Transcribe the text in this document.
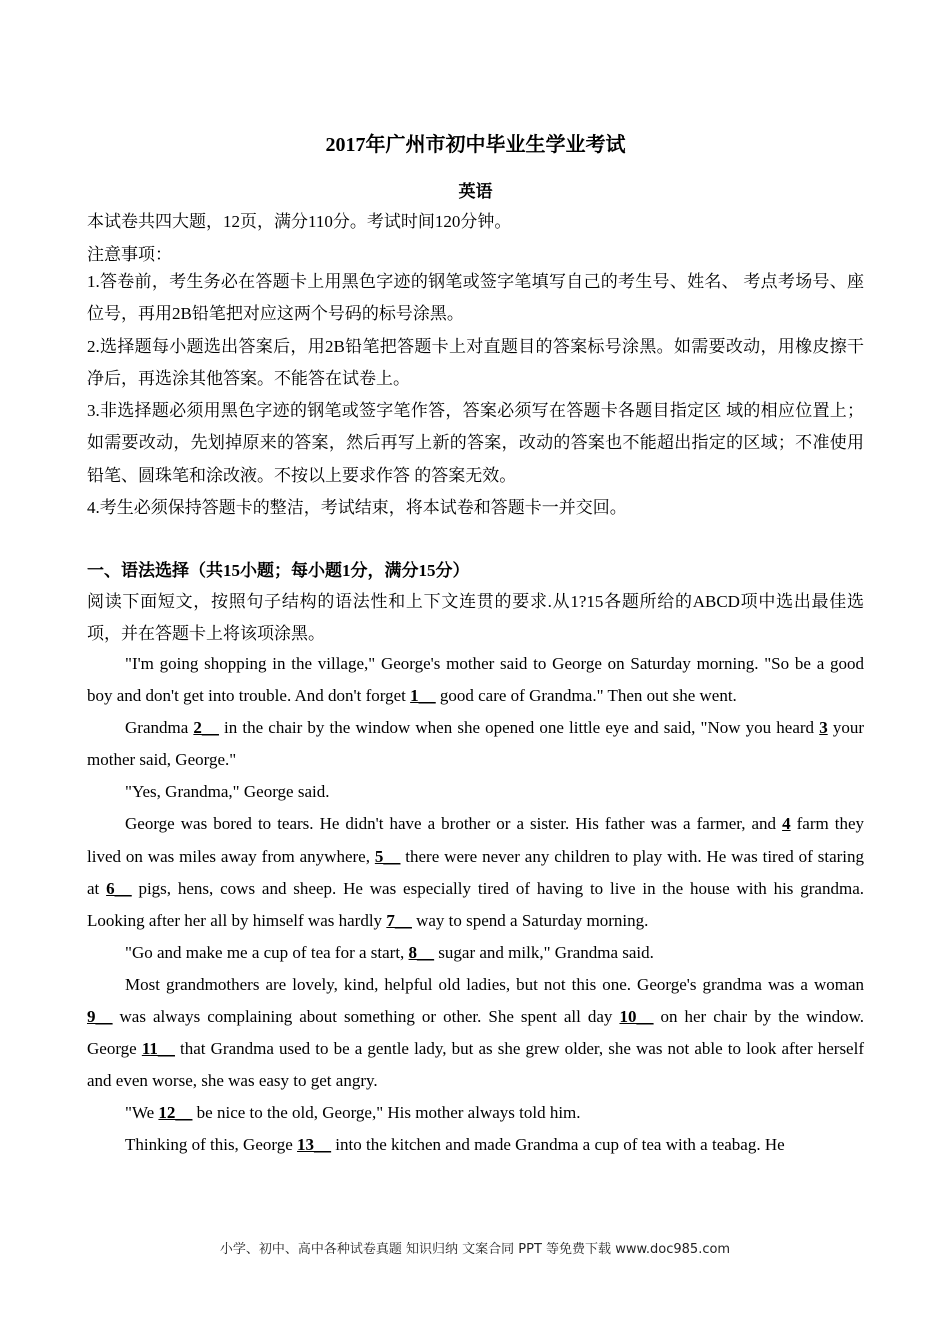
2017年广州市初中毕业生学业考试
英语
本试卷共四大题，12页，满分110分。考试时间120分钟。
注意事项：

1.答卷前，考生务必在答题卡上用黑色字迹的钢笔或签字笔填写自己的考生号、姓名、 考点考场号、座位号，再用2B铅笔把对应这两个号码的标号涂黑。

2.选择题每小题选出答案后，用2B铅笔把答题卡上对直题目的答案标号涂黑。如需要改动，用橡皮擦干净后，再选涂其他答案。不能答在试卷上。

3.非选择题必须用黑色字迹的钢笔或签字笔作答，答案必须写在答题卡各题目指定区 域的相应位置上；如需要改动，先划掉原来的答案，然后再写上新的答案，改动的答案也不能超出指定的区域；不准使用铅笔、圆珠笔和涂改液。不按以上要求作答 的答案无效。

4.考生必须保持答题卡的整洁，考试结束，将本试卷和答题卡一并交回。

一、语法选择（共15小题；每小题1分，满分15分）

阅读下面短文，按照句子结构的语法性和上下文连贯的要求.从1?15各题所给的ABCD项中选出最佳选项，并在答题卡上将该项涂黑。

"I'm going shopping in the village," George's mother said to George on Saturday morning. "So be a good boy and don't get into trouble. And don't forget 1__ good care of Grandma." Then out she went.

Grandma 2__ in the chair by the window when she opened one little eye and said, "Now you heard 3 your mother said, George."

"Yes, Grandma," George said.

George was bored to tears. He didn't have a brother or a sister. His father was a farmer, and 4 farm they lived on was miles away from anywhere, 5__ there were never any children to play with. He was tired of staring at 6__ pigs, hens, cows and sheep. He was especially tired of having to live in the house with his grandma. Looking after her all by himself was hardly 7__ way to spend a Saturday morning.

"Go and make me a cup of tea for a start, 8__ sugar and milk," Grandma said.

Most grandmothers are lovely, kind, helpful old ladies, but not this one. George's grandma was a woman 9__ was always complaining about something or other. She spent all day 10__ on her chair by the window. George 11__ that Grandma used to be a gentle lady, but as she grew older, she was not able to look after herself and even worse, she was easy to get angry.

"We 12__ be nice to the old, George," His mother always told him.

Thinking of this, George 13__ into the kitchen and made Grandma a cup of tea with a teabag. He

小学、初中、高中各种试卷真题 知识归纳 文案合同 PPT 等免费下载 www.doc985.com
